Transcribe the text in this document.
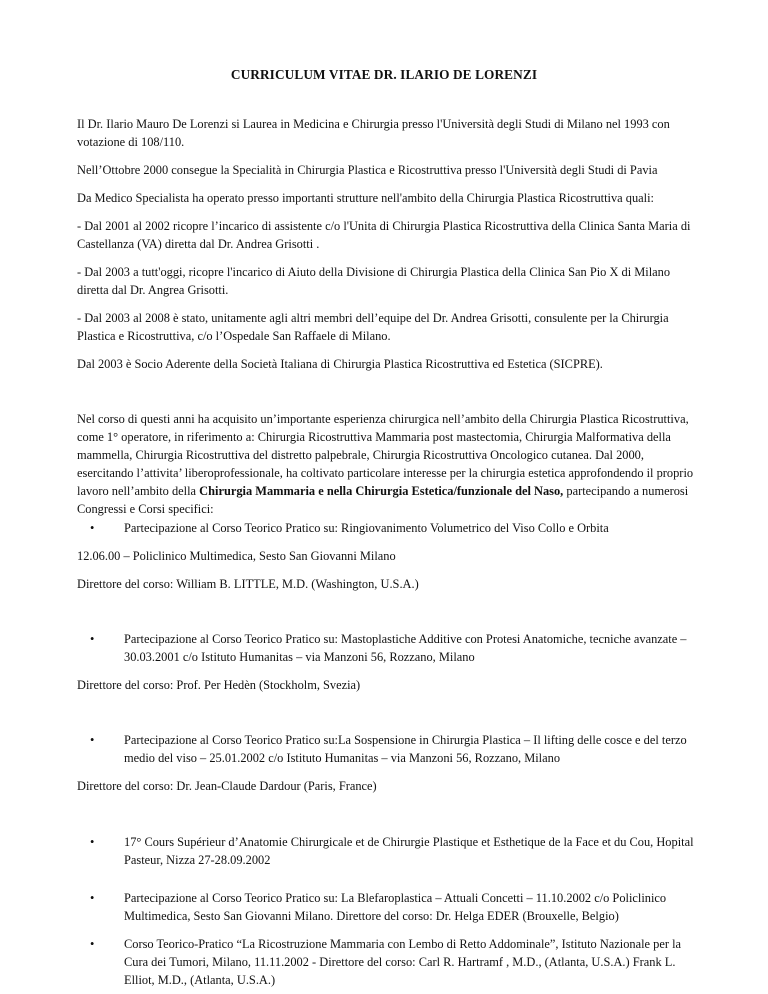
CURRICULUM VITAE DR. ILARIO DE LORENZI

Il Dr. Ilario Mauro De Lorenzi si Laurea in Medicina e Chirurgia presso l'Università degli Studi di Milano nel 1993 con votazione di 108/110.

Nell’Ottobre 2000 consegue la Specialità in Chirurgia Plastica e Ricostruttiva presso l'Università degli Studi di Pavia

Da Medico Specialista ha operato presso importanti strutture nell'ambito della Chirurgia Plastica Ricostruttiva quali:

- Dal 2001 al 2002 ricopre l’incarico di assistente c/o l'Unita di Chirurgia Plastica Ricostruttiva della Clinica Santa Maria di Castellanza (VA) diretta dal Dr. Andrea Grisotti .

- Dal 2003 a tutt'oggi, ricopre l'incarico di Aiuto della Divisione di Chirurgia Plastica della Clinica San Pio X di Milano diretta dal Dr. Angrea Grisotti.

- Dal 2003 al 2008 è stato, unitamente agli altri membri dell’equipe del Dr. Andrea Grisotti, consulente per la Chirurgia Plastica e Ricostruttiva, c/o l’Ospedale San Raffaele di Milano.

Dal 2003 è Socio Aderente della Società Italiana di Chirurgia Plastica Ricostruttiva ed Estetica (SICPRE).

Nel corso di questi anni ha acquisito un’importante esperienza chirurgica nell’ambito della Chirurgia Plastica Ricostruttiva, come 1° operatore, in riferimento a: Chirurgia Ricostruttiva Mammaria post mastectomia, Chirurgia Malformativa della mammella, Chirurgia Ricostruttiva del distretto palpebrale, Chirurgia Ricostruttiva Oncologico cutanea. Dal 2000, esercitando l’attivita’ liberoprofessionale, ha coltivato particolare interesse per la chirurgia estetica approfondendo il proprio lavoro nell’ambito della Chirurgia Mammaria e nella Chirurgia Estetica/funzionale del Naso, partecipando a numerosi Congressi e Corsi specifici:

•	Partecipazione al Corso Teorico Pratico su: Ringiovanimento Volumetrico del Viso Collo e Orbita

12.06.00 – Policlinico Multimedica, Sesto San Giovanni Milano

Direttore del corso: William B. LITTLE, M.D. (Washington, U.S.A.)

•	Partecipazione al Corso Teorico Pratico su: Mastoplastiche Additive con Protesi Anatomiche, tecniche avanzate – 30.03.2001 c/o Istituto Humanitas – via Manzoni 56, Rozzano, Milano

Direttore del corso: Prof. Per Hedèn (Stockholm, Svezia)

•	Partecipazione al Corso Teorico Pratico su:La Sospensione in Chirurgia Plastica – Il lifting delle cosce e del terzo medio del viso – 25.01.2002 c/o Istituto Humanitas – via Manzoni 56, Rozzano, Milano

Direttore del corso: Dr. Jean-Claude Dardour (Paris, France)

•	17° Cours Supérieur d’Anatomie Chirurgicale et de Chirurgie Plastique et Esthetique de la Face et du Cou, Hopital Pasteur, Nizza 27-28.09.2002

•	Partecipazione al Corso Teorico Pratico su: La Blefaroplastica – Attuali Concetti – 11.10.2002 c/o Policlinico Multimedica, Sesto San Giovanni Milano. Direttore del corso: Dr. Helga EDER (Brouxelle, Belgio)

•	Corso Teorico-Pratico “La Ricostruzione Mammaria con Lembo di Retto Addominale”, Istituto Nazionale per la Cura dei Tumori, Milano, 11.11.2002 - Direttore del corso: Carl R. Hartramf , M.D., (Atlanta, U.S.A.) Frank L. Elliot, M.D., (Atlanta, U.S.A.)
